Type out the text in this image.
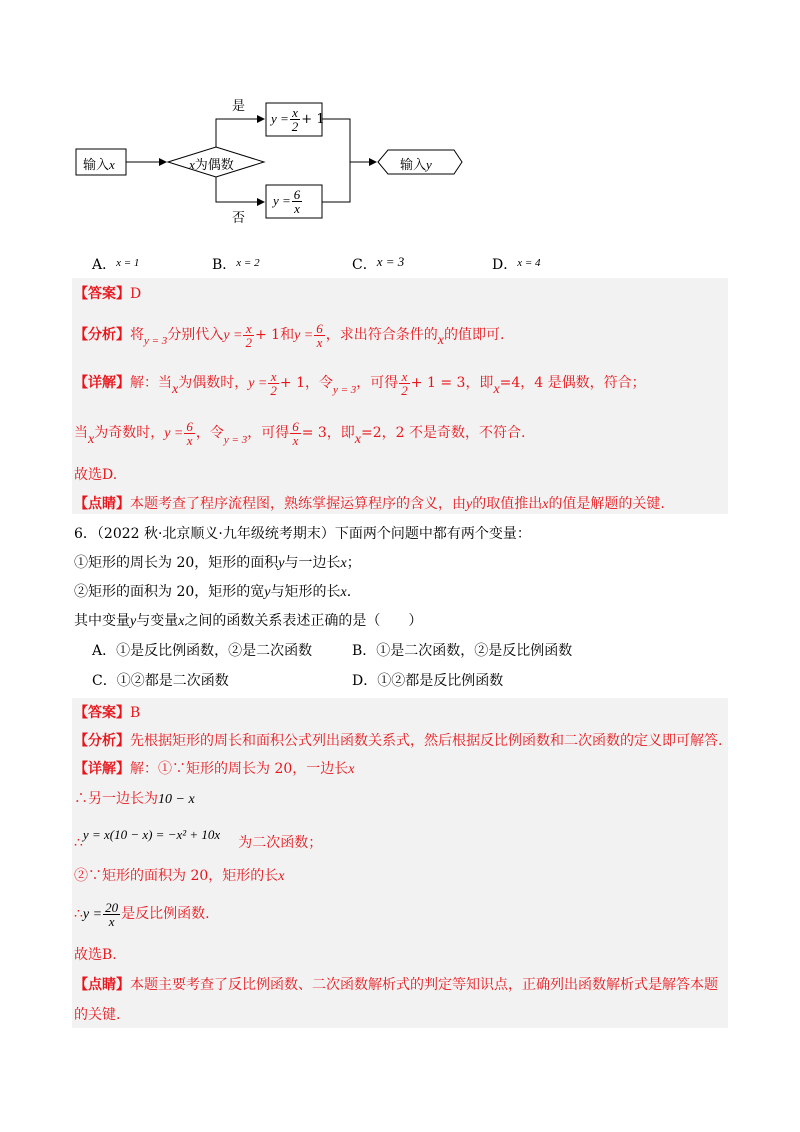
输入x	x为偶数
是
否
$y = \frac{x}{2} + 1$
$y = \frac{6}{x}$
输入y
A．$^{x = 1}$	B．$^{x = 2}$	C．x = 3	D．$^{x = 4}$
【答案】D
【分析】将$_{y = 3}$分别代入$y = \frac{x}{2} + 1$和$y = \frac{6}{x}$ ，求出符合条件的x的值即可.
【详解】解：当x为偶数时，$y = \frac{x}{2} + 1$，令$_{y = 3}$，可得 $\frac{x}{2} + 1 = 3$，即x=4，4 是偶数，符合；
当x为奇数时，$y = \frac{6}{x}$ ，令$_{y = 3}$，可得 $\frac{6}{x} = 3$，即x=2，2 不是奇数，不符合.
故选D.
【点睛】本题考查了程序流程图，熟练掌握运算程序的含义，由y的取值推出x的值是解题的关键.
6．（2022 秋·北京顺义·九年级统考期末）下面两个问题中都有两个变量：
①矩形的周长为 20，矩形的面积y与一边长x；
②矩形的面积为 20，矩形的宽y与矩形的长x.
其中变量y与变量x之间的函数关系表述正确的是（　　）
A．①是反比例函数，②是二次函数	B．①是二次函数，②是反比例函数
C．①②都是二次函数	D．①②都是反比例函数
【答案】B
【分析】先根据矩形的周长和面积公式列出函数关系式，然后根据反比例函数和二次函数的定义即可解答.
【详解】解：①∵矩形的周长为 20，一边长x
∴另一边长为10 − x
∴y = x(10 − x) = −x² + 10x为二次函数；
②∵矩形的面积为 20，矩形的长x
∴y = $\frac{20}{x}$ 是反比例函数.
故选B.
【点睛】本题主要考查了反比例函数、二次函数解析式的判定等知识点，正确列出函数解析式是解答本题
的关键.
